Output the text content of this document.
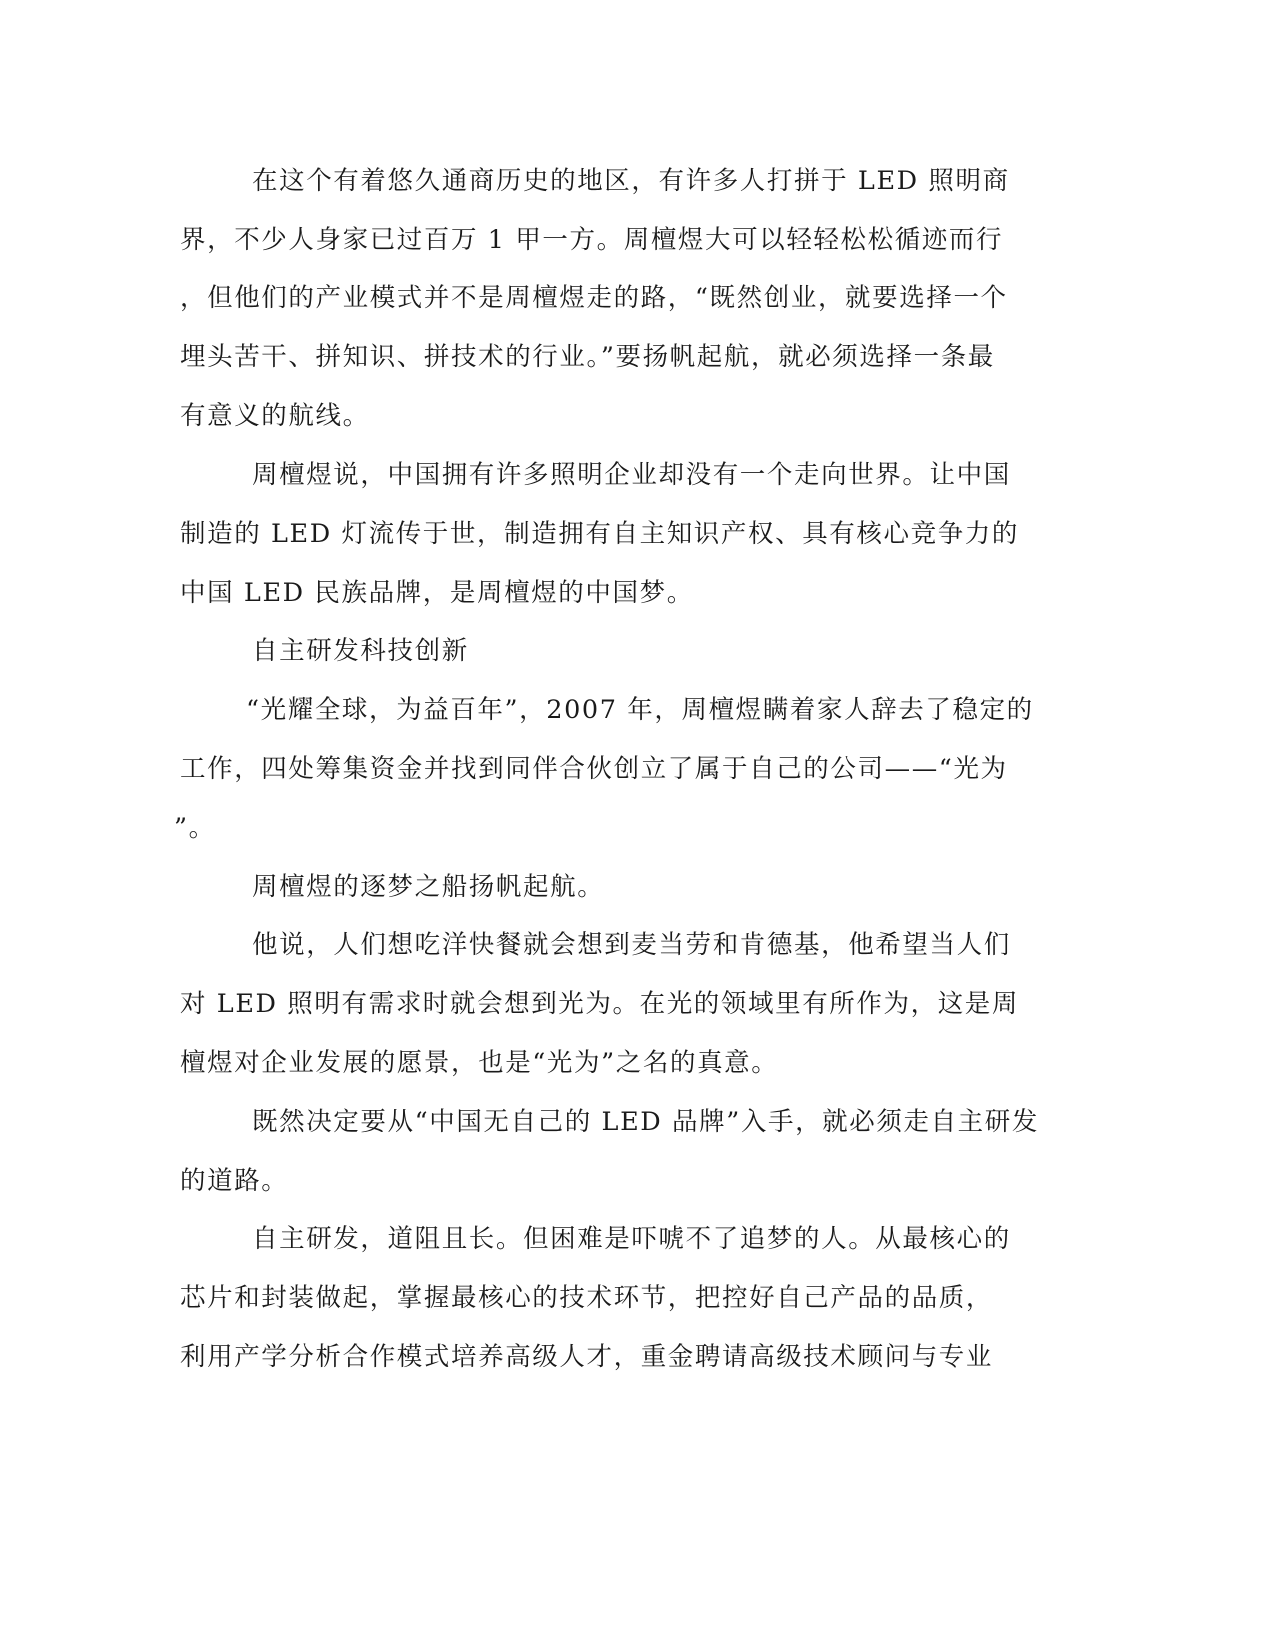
在这个有着悠久通商历史的地区，有许多人打拼于 LED 照明商

界，不少人身家已过百万 1 甲一方。周檀煜大可以轻轻松松循迹而行

，但他们的产业模式并不是周檀煜走的路，“既然创业，就要选择一个

埋头苦干、拼知识、拼技术的行业。”要扬帆起航，就必须选择一条最

有意义的航线。

周檀煜说，中国拥有许多照明企业却没有一个走向世界。让中国

制造的 LED 灯流传于世，制造拥有自主知识产权、具有核心竞争力的

中国 LED 民族品牌，是周檀煜的中国梦。

自主研发科技创新

“光耀全球，为益百年”，2007 年，周檀煜瞒着家人辞去了稳定的

工作，四处筹集资金并找到同伴合伙创立了属于自己的公司——“光为

”。

周檀煜的逐梦之船扬帆起航。

他说，人们想吃洋快餐就会想到麦当劳和肯德基，他希望当人们

对 LED 照明有需求时就会想到光为。在光的领域里有所作为，这是周

檀煜对企业发展的愿景，也是“光为”之名的真意。

既然决定要从“中国无自己的 LED 品牌”入手，就必须走自主研发

的道路。

自主研发，道阻且长。但困难是吓唬不了追梦的人。从最核心的

芯片和封装做起，掌握最核心的技术环节，把控好自己产品的品质，

利用产学分析合作模式培养高级人才，重金聘请高级技术顾问与专业
